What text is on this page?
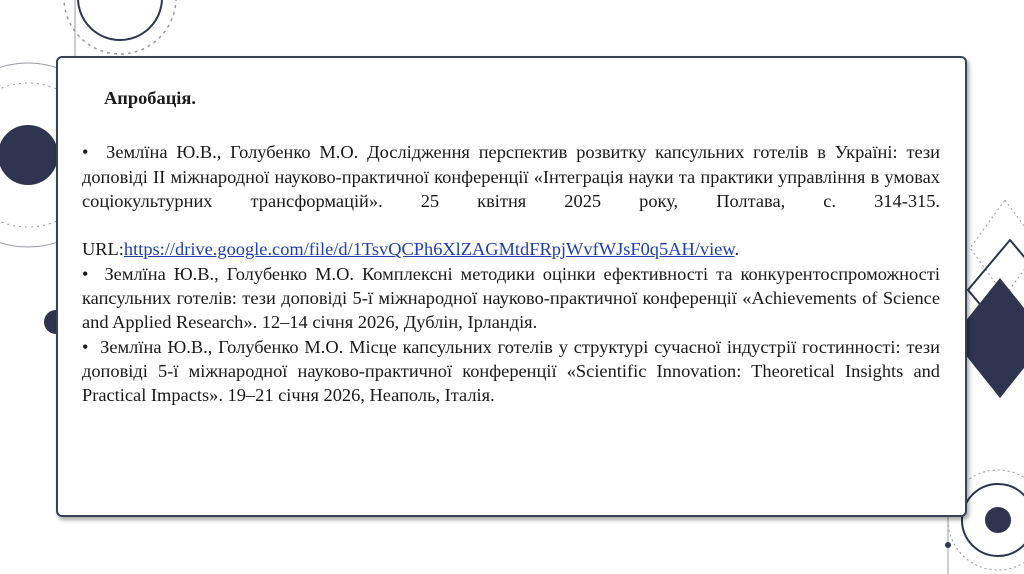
Апробація.

• Землїна Ю.В., Голубенко М.О. Дослідження перспектив розвитку капсульних готелів в Україні: тези доповіді II міжнародної науково-практичної конференції «Інтеграція науки та практики управління в умовах соціокультурних трансформацій». 25 квітня 2025 року, Полтава, с. 314-315. URL:https://drive.google.com/file/d/1TsvQCPh6XlZAGMtdFRpjWvfWJsF0q5AH/view.

• Землїна Ю.В., Голубенко М.О. Комплексні методики оцінки ефективності та конкурентоспроможності капсульних готелів: тези доповіді 5-ї міжнародної науково-практичної конференції «Achievements of Science and Applied Research». 12–14 січня 2026, Дублін, Ірландія.

• Землїна Ю.В., Голубенко М.О. Місце капсульних готелів у структурі сучасної індустрії гостинності: тези доповіді 5-ї міжнародної науково-практичної конференції «Scientific Innovation: Theoretical Insights and Practical Impacts». 19–21 січня 2026, Неаполь, Італія.
